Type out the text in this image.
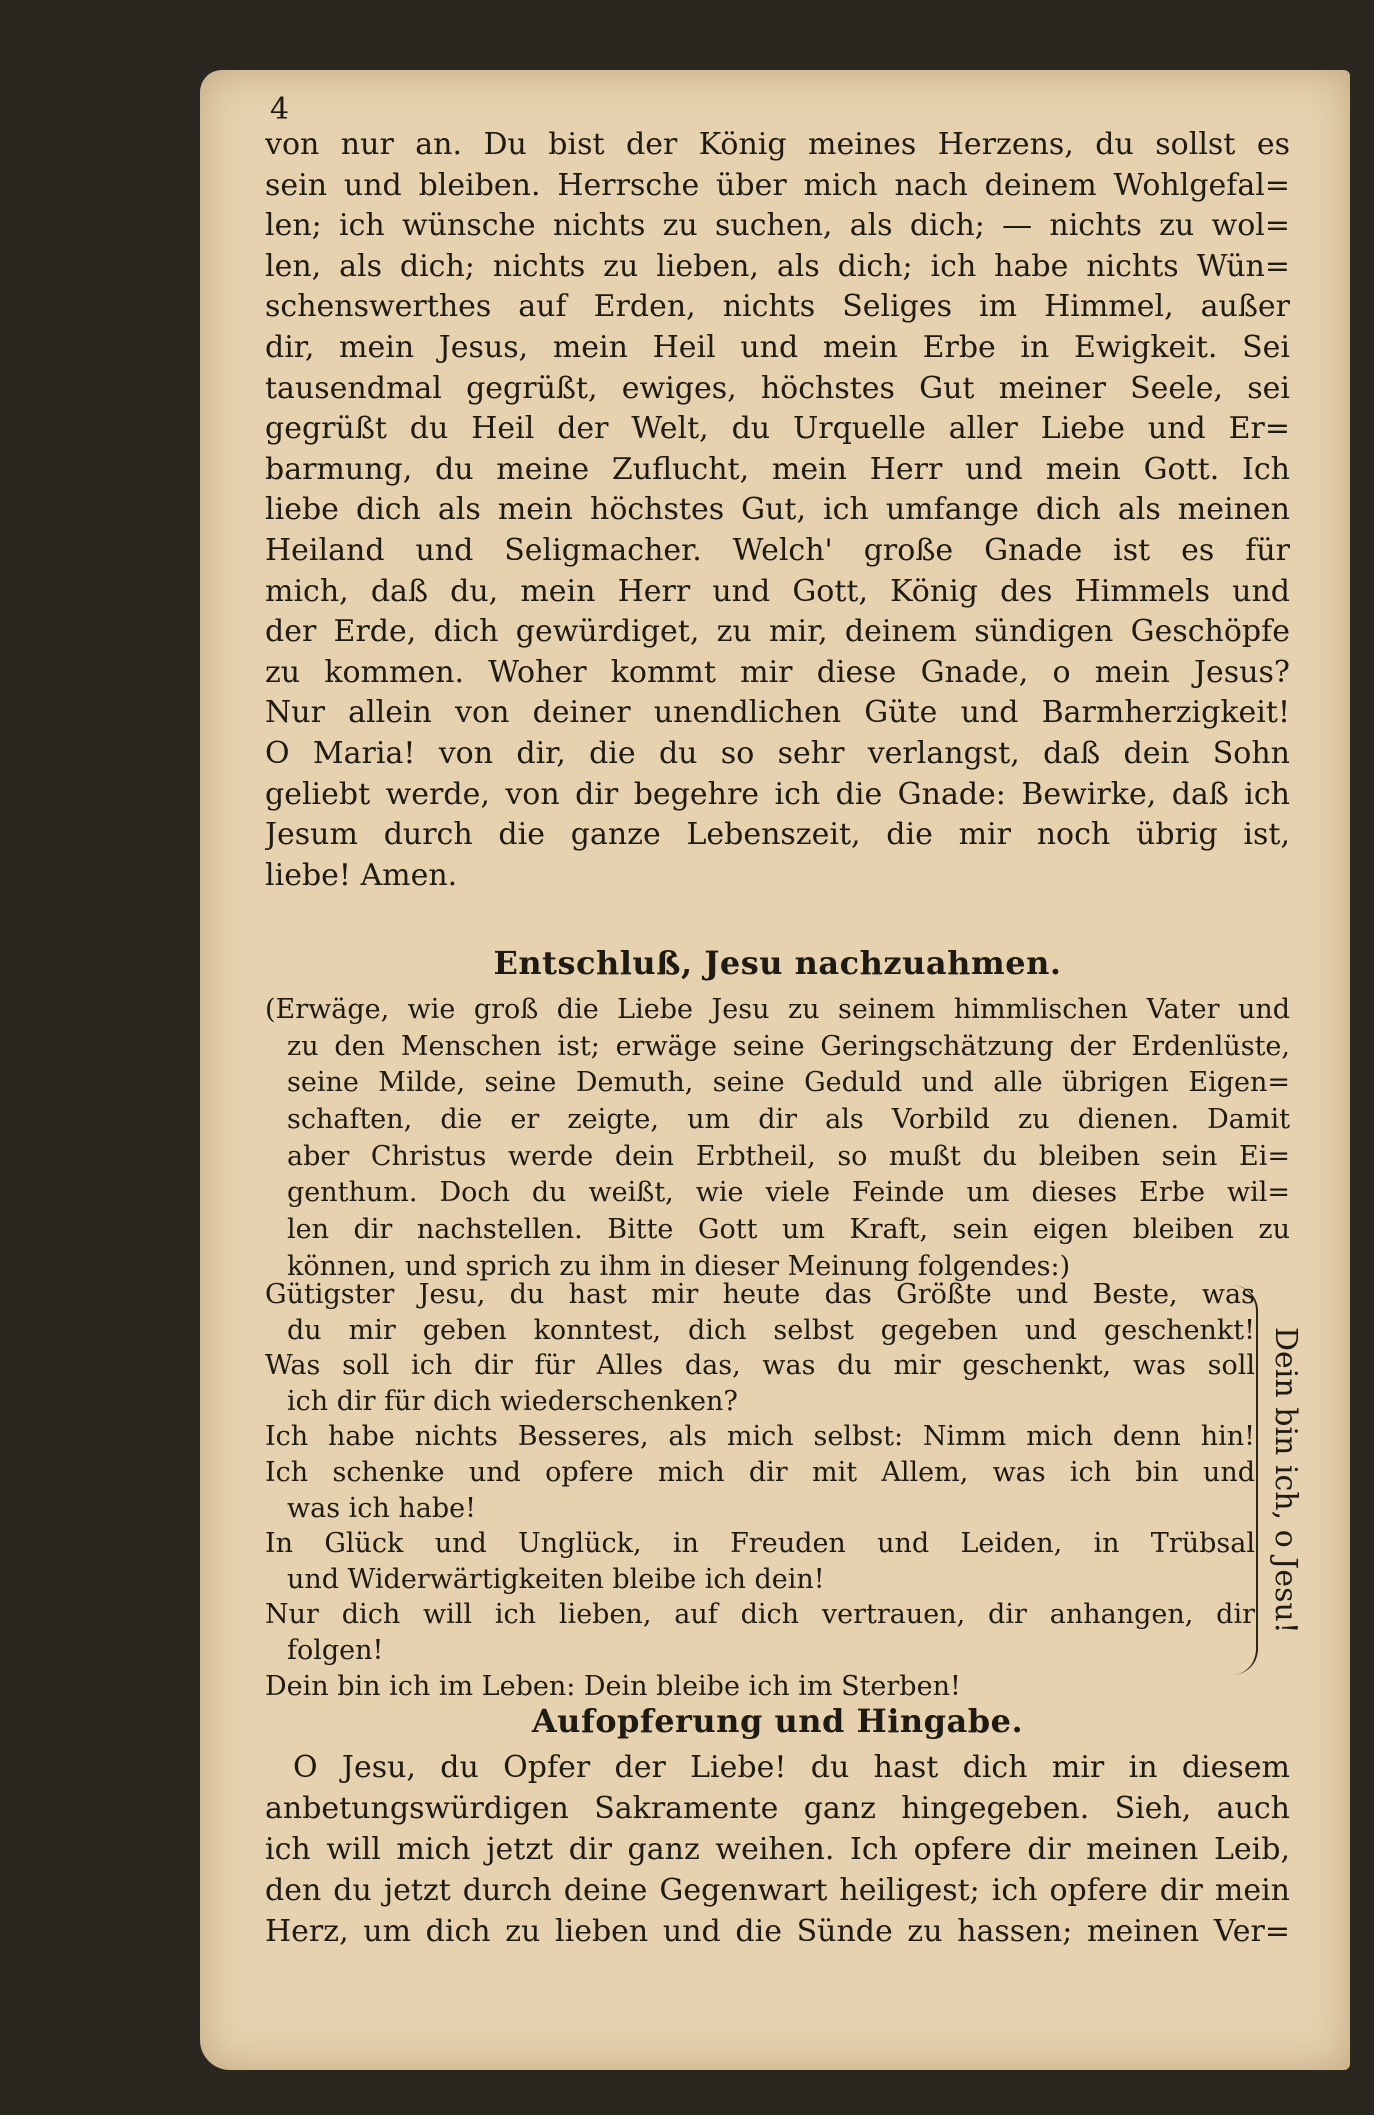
4
von nur an. Du bist der König meines Herzens, du sollst es
sein und bleiben. Herrsche über mich nach deinem Wohlgefal=
len; ich wünsche nichts zu suchen, als dich; — nichts zu wol=
len, als dich; nichts zu lieben, als dich; ich habe nichts Wün=
schenswerthes auf Erden, nichts Seliges im Himmel, außer
dir, mein Jesus, mein Heil und mein Erbe in Ewigkeit. Sei
tausendmal gegrüßt, ewiges, höchstes Gut meiner Seele, sei
gegrüßt du Heil der Welt, du Urquelle aller Liebe und Er=
barmung, du meine Zuflucht, mein Herr und mein Gott. Ich
liebe dich als mein höchstes Gut, ich umfange dich als meinen
Heiland und Seligmacher. Welch' große Gnade ist es für
mich, daß du, mein Herr und Gott, König des Himmels und
der Erde, dich gewürdiget, zu mir, deinem sündigen Geschöpfe
zu kommen. Woher kommt mir diese Gnade, o mein Jesus?
Nur allein von deiner unendlichen Güte und Barmherzigkeit!
O Maria! von dir, die du so sehr verlangst, daß dein Sohn
geliebt werde, von dir begehre ich die Gnade: Bewirke, daß ich
Jesum durch die ganze Lebenszeit, die mir noch übrig ist,
liebe! Amen.
Entschluß, Jesu nachzuahmen.
(Erwäge, wie groß die Liebe Jesu zu seinem himmlischen Vater und
zu den Menschen ist; erwäge seine Geringschätzung der Erdenlüste,
seine Milde, seine Demuth, seine Geduld und alle übrigen Eigen=
schaften, die er zeigte, um dir als Vorbild zu dienen. Damit
aber Christus werde dein Erbtheil, so mußt du bleiben sein Ei=
genthum. Doch du weißt, wie viele Feinde um dieses Erbe wil=
len dir nachstellen. Bitte Gott um Kraft, sein eigen bleiben zu
können, und sprich zu ihm in dieser Meinung folgendes:)
Gütigster Jesu, du hast mir heute das Größte und Beste, was
du mir geben konntest, dich selbst gegeben und geschenkt!
Was soll ich dir für Alles das, was du mir geschenkt, was soll
ich dir für dich wiederschenken?
Ich habe nichts Besseres, als mich selbst: Nimm mich denn hin!
Ich schenke und opfere mich dir mit Allem, was ich bin und
was ich habe!
In Glück und Unglück, in Freuden und Leiden, in Trübsal
und Widerwärtigkeiten bleibe ich dein!
Nur dich will ich lieben, auf dich vertrauen, dir anhangen, dir
folgen!
Dein bin ich im Leben: Dein bleibe ich im Sterben!
Dein bin ich, o Jesu!
Aufopferung und Hingabe.
O Jesu, du Opfer der Liebe! du hast dich mir in diesem
anbetungswürdigen Sakramente ganz hingegeben. Sieh, auch
ich will mich jetzt dir ganz weihen. Ich opfere dir meinen Leib,
den du jetzt durch deine Gegenwart heiligest; ich opfere dir mein
Herz, um dich zu lieben und die Sünde zu hassen; meinen Ver=
